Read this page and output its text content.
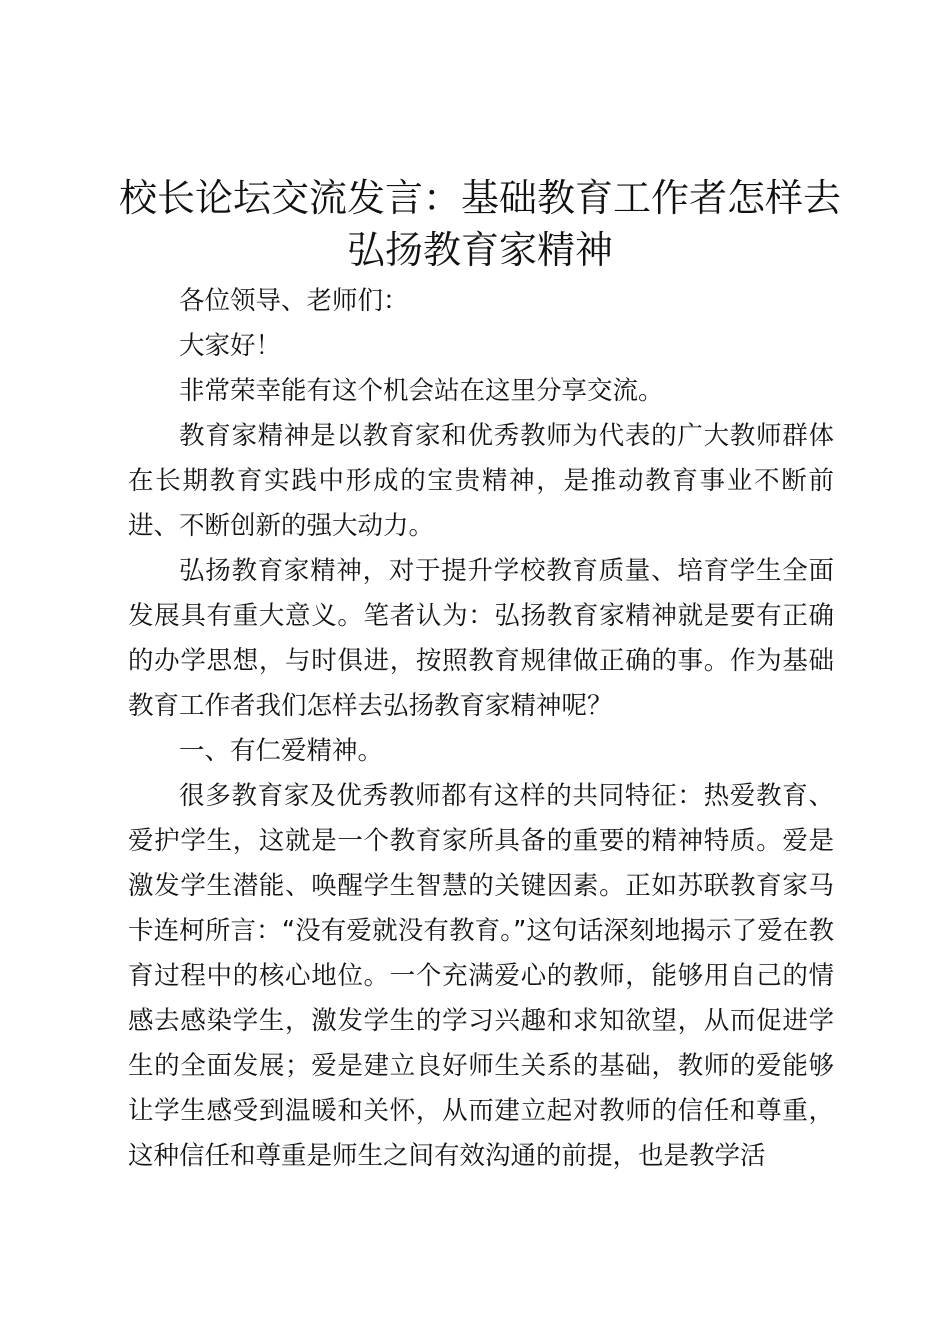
校长论坛交流发言：基础教育工作者怎样去弘扬教育家精神

各位领导、老师们：

大家好！

非常荣幸能有这个机会站在这里分享交流。

教育家精神是以教育家和优秀教师为代表的广大教师群体在长期教育实践中形成的宝贵精神，是推动教育事业不断前进、不断创新的强大动力。

弘扬教育家精神，对于提升学校教育质量、培育学生全面发展具有重大意义。笔者认为：弘扬教育家精神就是要有正确的办学思想，与时俱进，按照教育规律做正确的事。作为基础教育工作者我们怎样去弘扬教育家精神呢？

一、有仁爱精神。

很多教育家及优秀教师都有这样的共同特征：热爱教育、爱护学生，这就是一个教育家所具备的重要的精神特质。爱是激发学生潜能、唤醒学生智慧的关键因素。正如苏联教育家马卡连柯所言：“没有爱就没有教育。”这句话深刻地揭示了爱在教育过程中的核心地位。一个充满爱心的教师，能够用自己的情感去感染学生，激发学生的学习兴趣和求知欲望，从而促进学生的全面发展；爱是建立良好师生关系的基础，教师的爱能够让学生感受到温暖和关怀，从而建立起对教师的信任和尊重，这种信任和尊重是师生之间有效沟通的前提，也是教学活
